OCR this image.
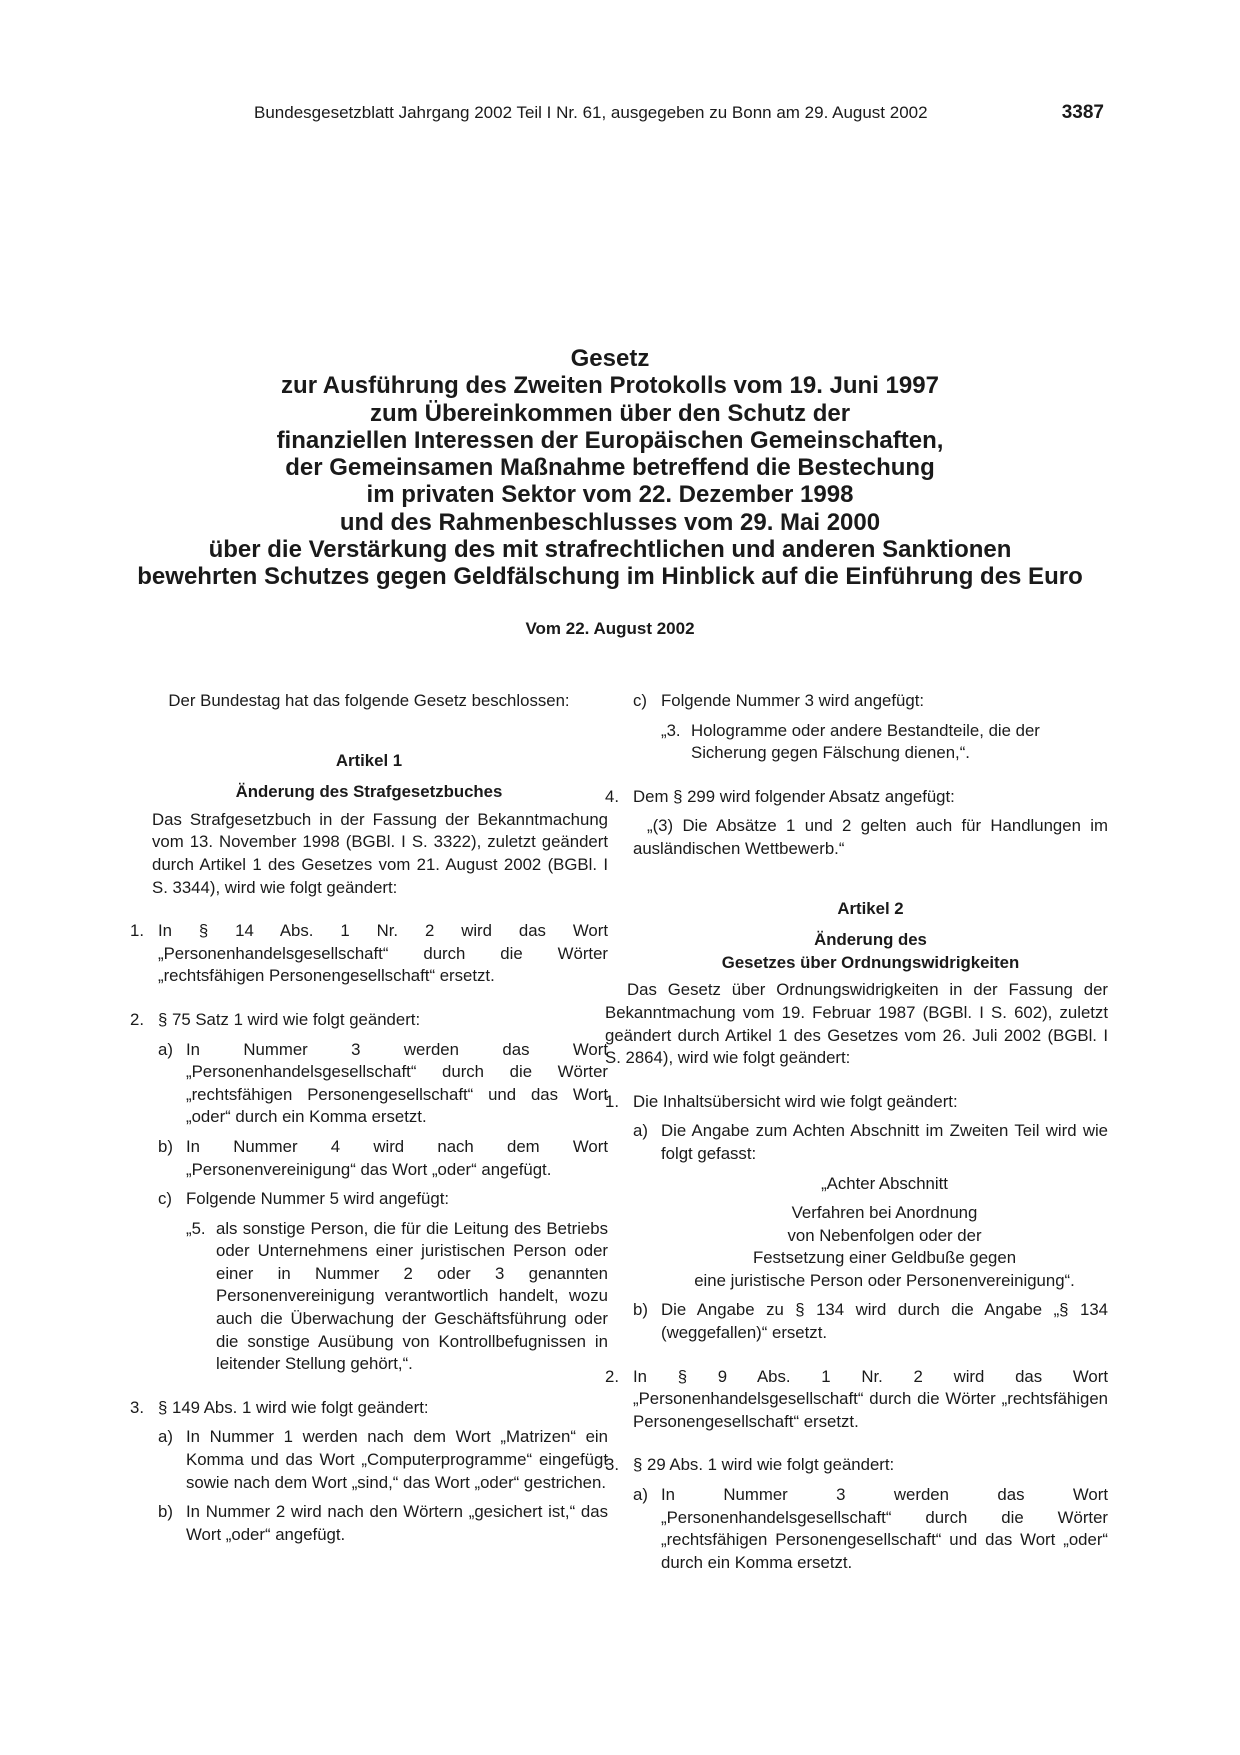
Bundesgesetzblatt Jahrgang 2002 Teil I Nr. 61, ausgegeben zu Bonn am 29. August 2002	3387
Gesetz
zur Ausführung des Zweiten Protokolls vom 19. Juni 1997
zum Übereinkommen über den Schutz der
finanziellen Interessen der Europäischen Gemeinschaften,
der Gemeinsamen Maßnahme betreffend die Bestechung
im privaten Sektor vom 22. Dezember 1998
und des Rahmenbeschlusses vom 29. Mai 2000
über die Verstärkung des mit strafrechtlichen und anderen Sanktionen
bewehrten Schutzes gegen Geldfälschung im Hinblick auf die Einführung des Euro
Vom 22. August 2002

Der Bundestag hat das folgende Gesetz beschlossen:

Artikel 1

Änderung des Strafgesetzbuches

Das Strafgesetzbuch in der Fassung der Bekanntmachung vom 13. November 1998 (BGBl. I S. 3322), zuletzt geändert durch Artikel 1 des Gesetzes vom 21. August 2002 (BGBl. I S. 3344), wird wie folgt geändert:

1. In § 14 Abs. 1 Nr. 2 wird das Wort „Personenhandelsgesellschaft“ durch die Wörter „rechtsfähigen Personengesellschaft“ ersetzt.
2. § 75 Satz 1 wird wie folgt geändert:
a) In Nummer 3 werden das Wort „Personenhandelsgesellschaft“ durch die Wörter „rechtsfähigen Personengesellschaft“ und das Wort „oder“ durch ein Komma ersetzt.
b) In Nummer 4 wird nach dem Wort „Personenvereinigung“ das Wort „oder“ angefügt.
c) Folgende Nummer 5 wird angefügt:
„5. als sonstige Person, die für die Leitung des Betriebs oder Unternehmens einer juristischen Person oder einer in Nummer 2 oder 3 genannten Personenvereinigung verantwortlich handelt, wozu auch die Überwachung der Geschäftsführung oder die sonstige Ausübung von Kontrollbefugnissen in leitender Stellung gehört,“.
3. § 149 Abs. 1 wird wie folgt geändert:
a) In Nummer 1 werden nach dem Wort „Matrizen“ ein Komma und das Wort „Computerprogramme“ eingefügt sowie nach dem Wort „sind,“ das Wort „oder“ gestrichen.
b) In Nummer 2 wird nach den Wörtern „gesichert ist,“ das Wort „oder“ angefügt.
c) Folgende Nummer 3 wird angefügt:
„3. Hologramme oder andere Bestandteile, die der Sicherung gegen Fälschung dienen,“.
4. Dem § 299 wird folgender Absatz angefügt:

„(3) Die Absätze 1 und 2 gelten auch für Handlungen im ausländischen Wettbewerb.“

Artikel 2

Änderung des

Gesetzes über Ordnungswidrigkeiten

Das Gesetz über Ordnungswidrigkeiten in der Fassung der Bekanntmachung vom 19. Februar 1987 (BGBl. I S. 602), zuletzt geändert durch Artikel 1 des Gesetzes vom 26. Juli 2002 (BGBl. I S. 2864), wird wie folgt geändert:

1. Die Inhaltsübersicht wird wie folgt geändert:
a) Die Angabe zum Achten Abschnitt im Zweiten Teil wird wie folgt gefasst:

„Achter Abschnitt

Verfahren bei Anordnung

von Nebenfolgen oder der

Festsetzung einer Geldbuße gegen

eine juristische Person oder Personenvereinigung“.

b) Die Angabe zu § 134 wird durch die Angabe „§ 134 (weggefallen)“ ersetzt.
2. In § 9 Abs. 1 Nr. 2 wird das Wort „Personenhandelsgesellschaft“ durch die Wörter „rechtsfähigen Personengesellschaft“ ersetzt.
3. § 29 Abs. 1 wird wie folgt geändert:
a) In Nummer 3 werden das Wort „Personenhandelsgesellschaft“ durch die Wörter „rechtsfähigen Personengesellschaft“ und das Wort „oder“ durch ein Komma ersetzt.
